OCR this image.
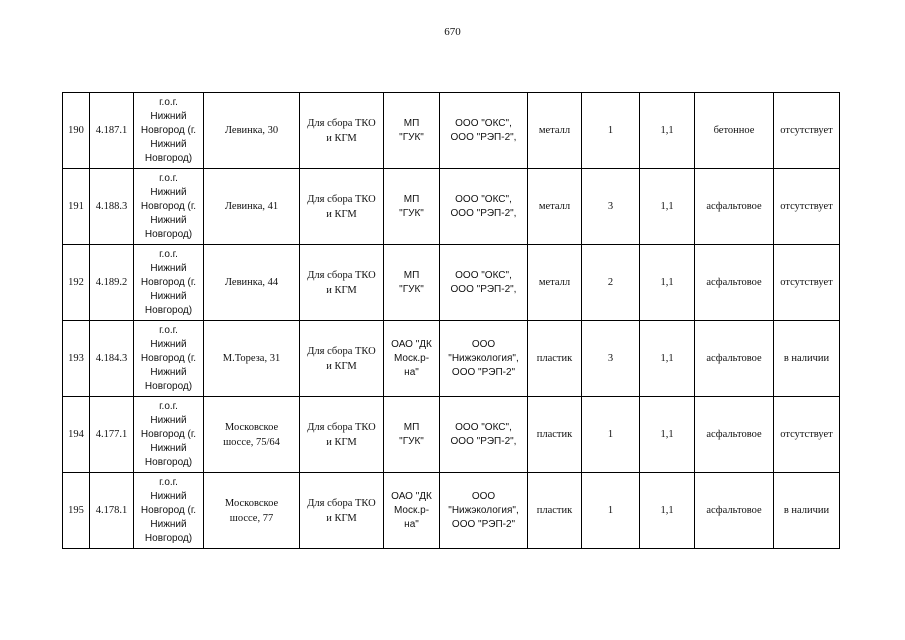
670
190	4.187.1	г.о.г.
Нижний
Новгород (г.
Нижний
Новгород)	Левинка, 30	Для сбора ТКО
и КГМ	МП
"ГУК"	ООО "ОКС",
ООО "РЭП-2",	металл	1	1,1	бетонное	отсутствует
191	4.188.3	г.о.г.
Нижний
Новгород (г.
Нижний
Новгород)	Левинка, 41	Для сбора ТКО
и КГМ	МП
"ГУК"	ООО "ОКС",
ООО "РЭП-2",	металл	3	1,1	асфальтовое	отсутствует
192	4.189.2	г.о.г.
Нижний
Новгород (г.
Нижний
Новгород)	Левинка, 44	Для сбора ТКО
и КГМ	МП
"ГУК"	ООО "ОКС",
ООО "РЭП-2",	металл	2	1,1	асфальтовое	отсутствует
193	4.184.3	г.о.г.
Нижний
Новгород (г.
Нижний
Новгород)	М.Тореза, 31	Для сбора ТКО
и КГМ	ОАО "ДК
Моск.р-
на"	ООО
"Нижэкология",
ООО "РЭП-2"	пластик	3	1,1	асфальтовое	в наличии
194	4.177.1	г.о.г.
Нижний
Новгород (г.
Нижний
Новгород)	Московское
шоссе, 75/64	Для сбора ТКО
и КГМ	МП
"ГУК"	ООО "ОКС",
ООО "РЭП-2",	пластик	1	1,1	асфальтовое	отсутствует
195	4.178.1	г.о.г.
Нижний
Новгород (г.
Нижний
Новгород)	Московское
шоссе, 77	Для сбора ТКО
и КГМ	ОАО "ДК
Моск.р-
на"	ООО
"Нижэкология",
ООО "РЭП-2"	пластик	1	1,1	асфальтовое	в наличии
